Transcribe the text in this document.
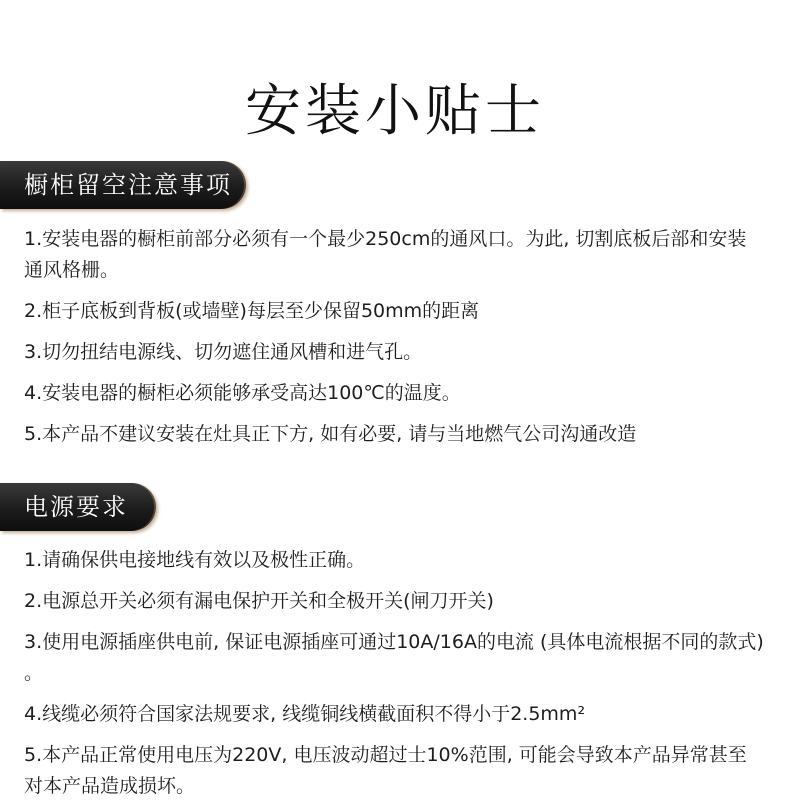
安装小贴士
橱柜留空注意事项
1.安装电器的橱柜前部分必须有一个最少250cm的通风口。为此, 切割底板后部和安装通风格栅。
2.柜子底板到背板(或墙壁)每层至少保留50mm的距离
3.切勿扭结电源线、切勿遮住通风槽和进气孔。
4.安装电器的橱柜必须能够承受高达100℃的温度。
5.本产品不建议安装在灶具正下方, 如有必要, 请与当地燃气公司沟通改造
电源要求
1.请确保供电接地线有效以及极性正确。
2.电源总开关必须有漏电保护开关和全极开关(闸刀开关)
3.使用电源插座供电前, 保证电源插座可通过10A/16A的电流 (具体电流根据不同的款式) 。
4.线缆必须符合国家法规要求, 线缆铜线横截面积不得小于2.5mm²
5.本产品正常使用电压为220V, 电压波动超过士10%范围, 可能会导致本产品异常甚至对本产品造成损坏。
